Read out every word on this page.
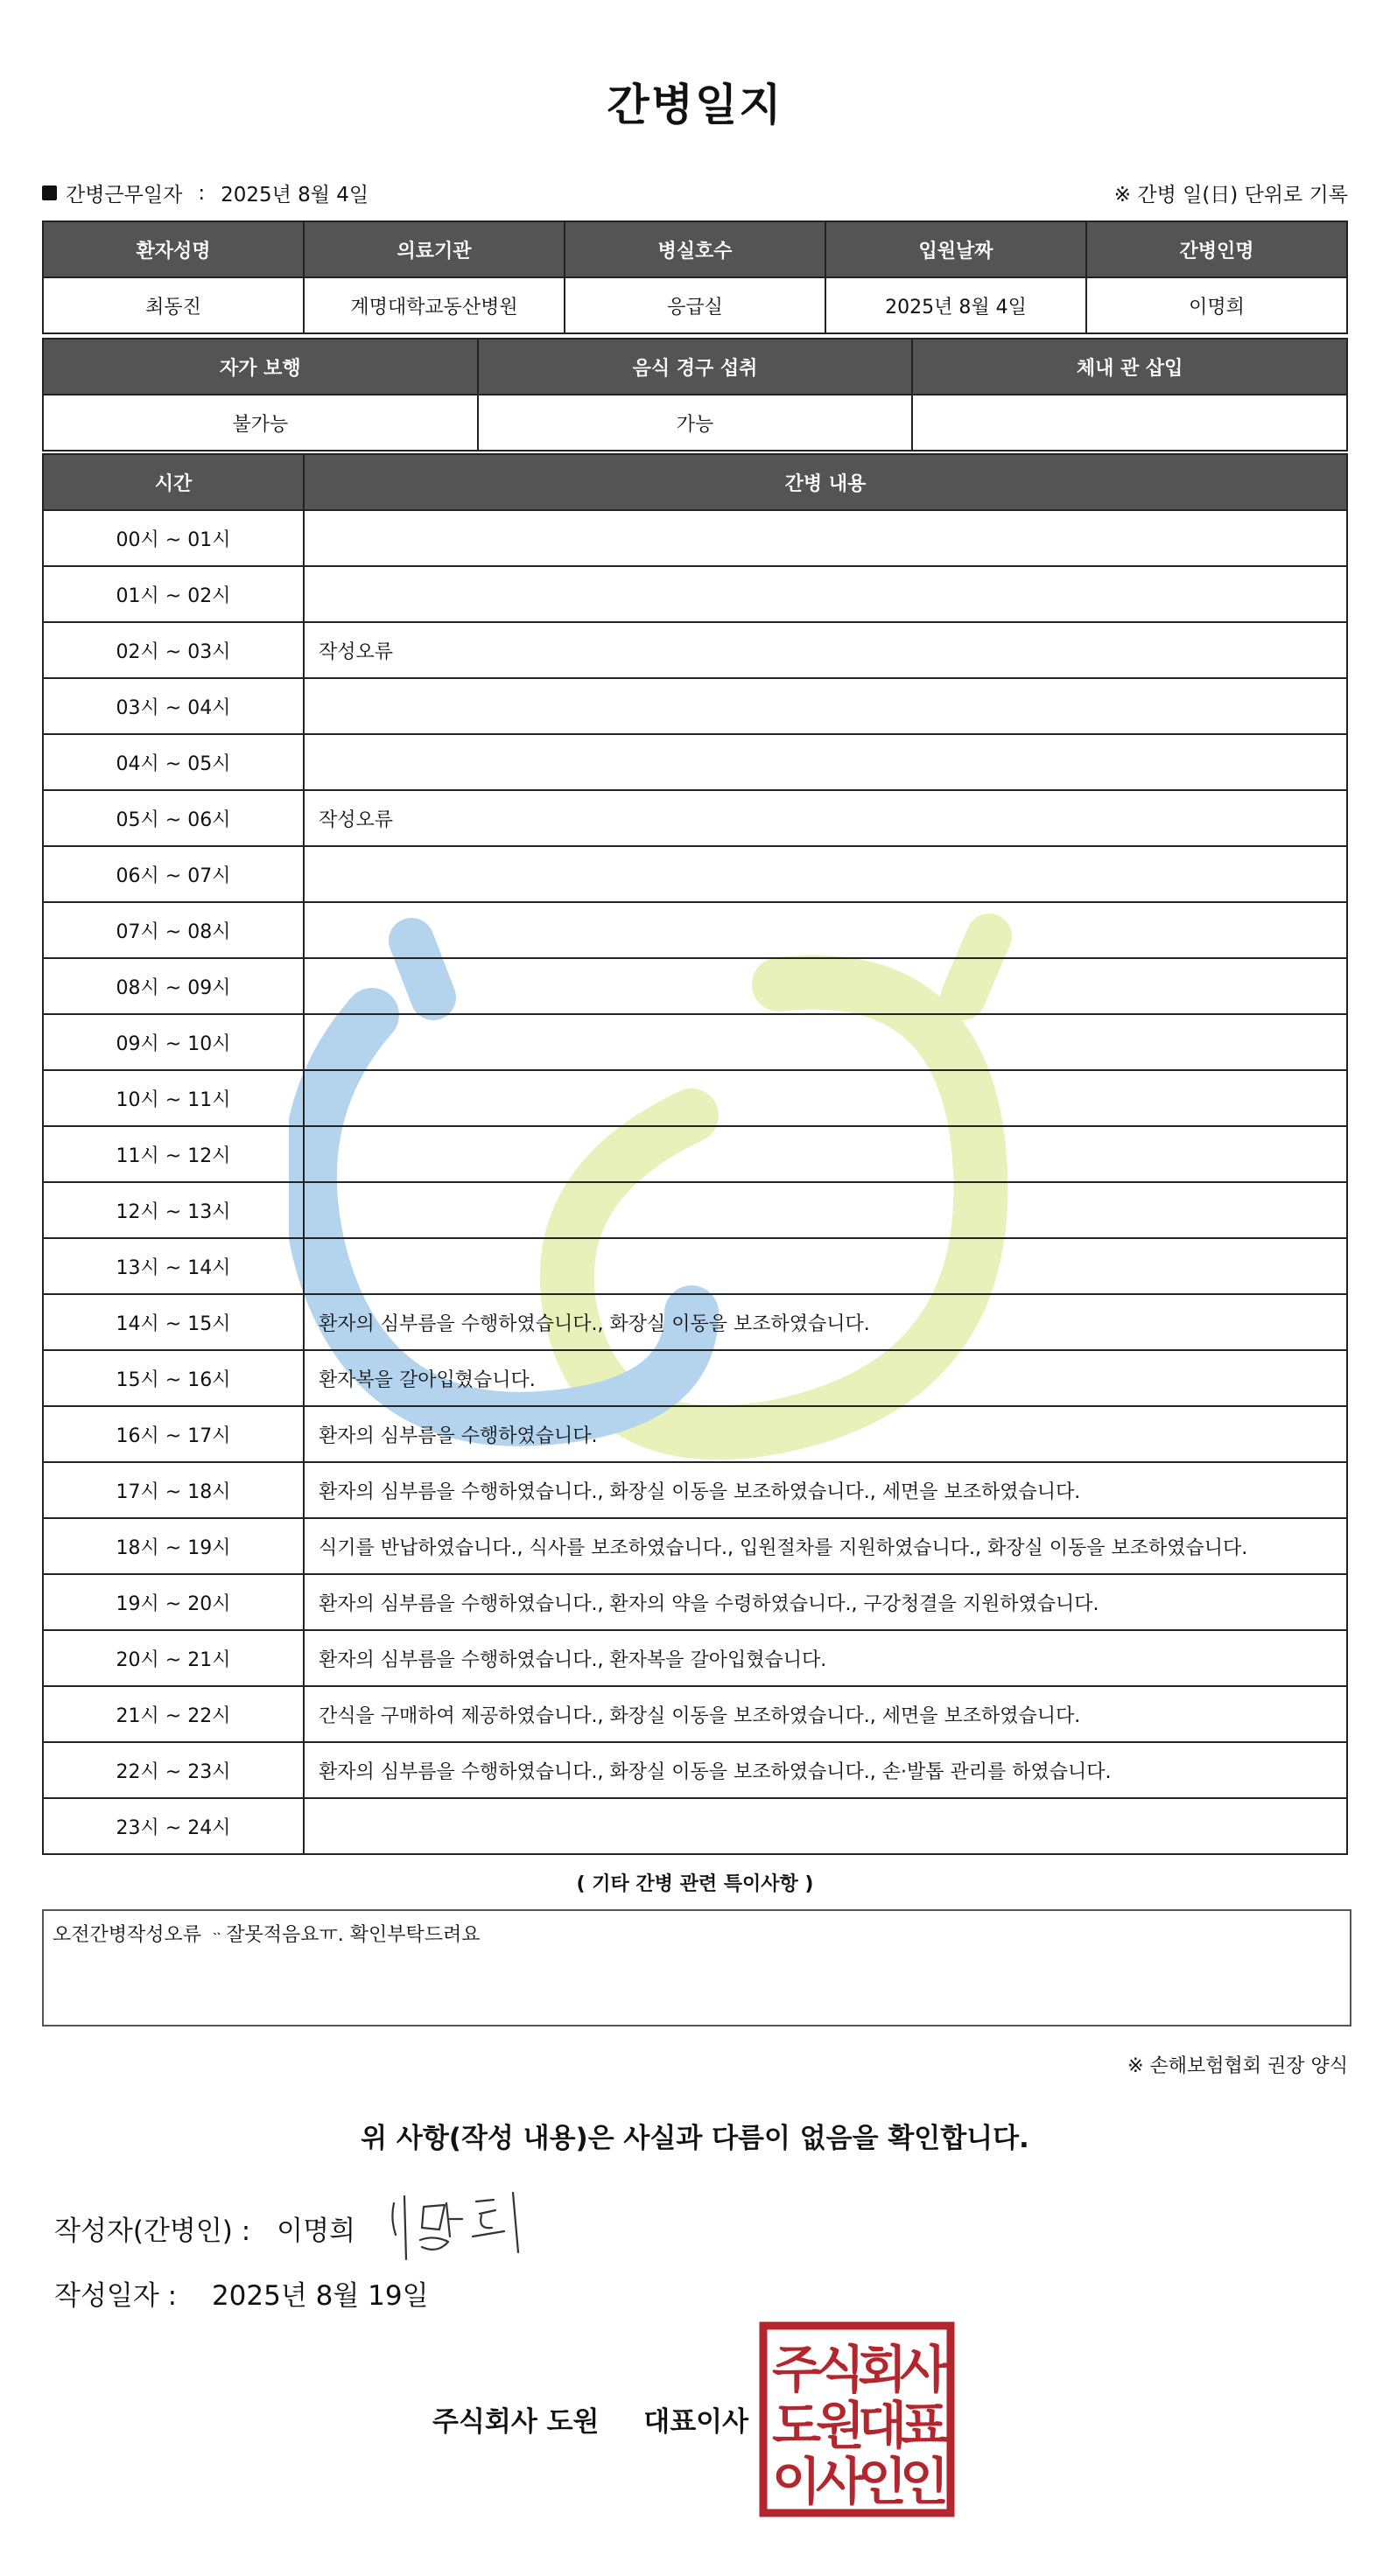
간병일지
간병근무일자 : 2025년 8월 4일	※ 간병 일(日) 단위로 기록
환자성명	의료기관	병실호수	입원날짜	간병인명
최동진	계명대학교동산병원	응급실	2025년 8월 4일	이명희
자가 보행	음식 경구 섭취	체내 관 삽입
불가능	가능	
시간	간병 내용
00시 ~ 01시	
01시 ~ 02시	
02시 ~ 03시	작성오류
03시 ~ 04시	
04시 ~ 05시	
05시 ~ 06시	작성오류
06시 ~ 07시	
07시 ~ 08시	
08시 ~ 09시	
09시 ~ 10시	
10시 ~ 11시	
11시 ~ 12시	
12시 ~ 13시	
13시 ~ 14시	
14시 ~ 15시	환자의 심부름을 수행하였습니다., 화장실 이동을 보조하였습니다.
15시 ~ 16시	환자복을 갈아입혔습니다.
16시 ~ 17시	환자의 심부름을 수행하였습니다.
17시 ~ 18시	환자의 심부름을 수행하였습니다., 화장실 이동을 보조하였습니다., 세면을 보조하였습니다.
18시 ~ 19시	식기를 반납하였습니다., 식사를 보조하였습니다., 입원절차를 지원하였습니다., 화장실 이동을 보조하였습니다.
19시 ~ 20시	환자의 심부름을 수행하였습니다., 환자의 약을 수령하였습니다., 구강청결을 지원하였습니다.
20시 ~ 21시	환자의 심부름을 수행하였습니다., 환자복을 갈아입혔습니다.
21시 ~ 22시	간식을 구매하여 제공하였습니다., 화장실 이동을 보조하였습니다., 세면을 보조하였습니다.
22시 ~ 23시	환자의 심부름을 수행하였습니다., 화장실 이동을 보조하였습니다., 손·발톱 관리를 하였습니다.
23시 ~ 24시	
( 기타 간병 관련 특이사항 )
오전간병작성오류 ᆢ잘못적음요ㅠ. 확인부탁드려요
※ 손해보험협회 권장 양식
위 사항(작성 내용)은 사실과 다름이 없음을 확인합니다.
작성자(간병인) : 이명희
작성일자 : 2025년 8월 19일
주식회사 도원 대표이사
주
식
회
사
도
원
대
표
이
사
인
인
